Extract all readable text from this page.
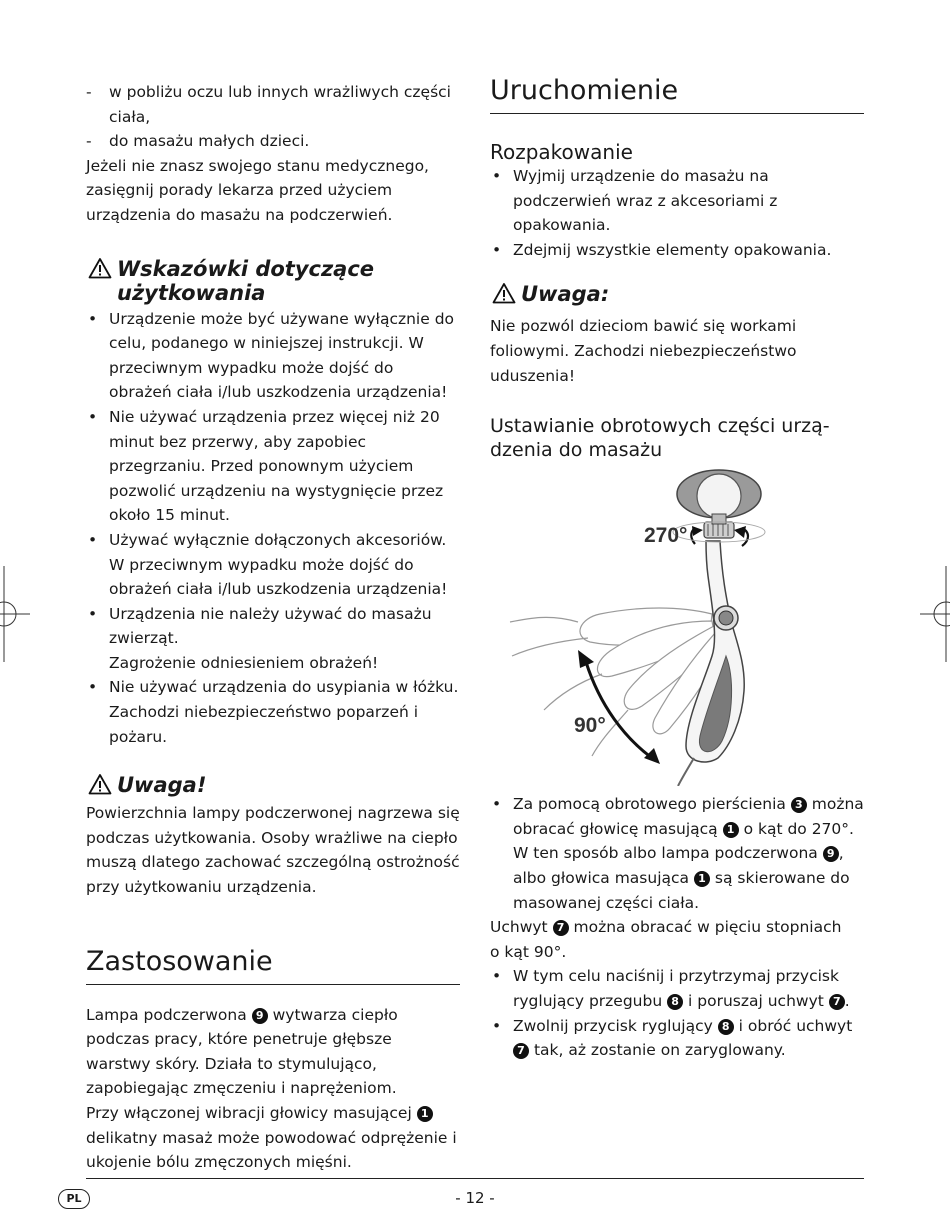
- w pobliżu oczu lub innych wrażliwych części ciała,
- do masażu małych dzieci.

Jeżeli nie znasz swojego stanu medycznego, zasięgnij porady lekarza przed użyciem urządzenia do masażu na podczerwień.

Wskazówki dotyczące
użytkowania
• Urządzenie może być używane wyłącznie do celu, podanego w niniejszej instrukcji. W przeciwnym wypadku może dojść do obrażeń ciała i/lub uszkodzenia urządzenia!
• Nie używać urządzenia przez więcej niż 20 minut bez przerwy, aby zapobiec przegrzaniu. Przed ponownym użyciem pozwolić urządzeniu na wystygnięcie przez około 15 minut.
• Używać wyłącznie dołączonych akcesoriów. W przeciwnym wypadku może dojść do obrażeń ciała i/lub uszkodzenia urządzenia!
• Urządzenia nie należy używać do masażu zwierząt.

Zagrożenie odniesieniem obrażeń!

• Nie używać urządzenia do usypiania w łóżku. Zachodzi niebezpieczeństwo poparzeń i pożaru.
Uwaga!

Powierzchnia lampy podczerwonej nagrzewa się podczas użytkowania. Osoby wrażliwe na ciepło muszą dlatego zachować szczególną ostrożność przy użytkowaniu urządzenia.

Zastosowanie

Lampa podczerwona 9 wytwarza ciepło podczas pracy, które penetruje głębsze warstwy skóry. Działa to stymulująco, zapobiegając zmęczeniu i naprężeniom.

Przy włączonej wibracji głowicy masującej 1 delikatny masaż może powodować odprężenie i ukojenie bólu zmęczonych mięśni.

Uruchomienie
Rozpakowanie
• Wyjmij urządzenie do masażu na podczerwień wraz z akcesoriami z opakowania.
• Zdejmij wszystkie elementy opakowania.
Uwaga:

Nie pozwól dzieciom bawić się workami foliowymi. Zachodzi niebezpieczeństwo uduszenia!

Ustawianie obrotowych części urzą-
dzenia do masażu
270°
90°
• Za pomocą obrotowego pierścienia 3 można obracać głowicę masującą 1 o kąt do 270°. W ten sposób albo lampa podczerwona 9 , albo głowica masująca 1 są skierowane do masowanej części ciała.

Uchwyt 7 można obracać w pięciu stopniach
o kąt 90°.

• W tym celu naciśnij i przytrzymaj przycisk ryglujący przegubu 8 i poruszaj uchwyt 7 .
• Zwolnij przycisk ryglujący 8 i obróć uchwyt 7 tak, aż zostanie on zaryglowany.
PL	- 12 -
